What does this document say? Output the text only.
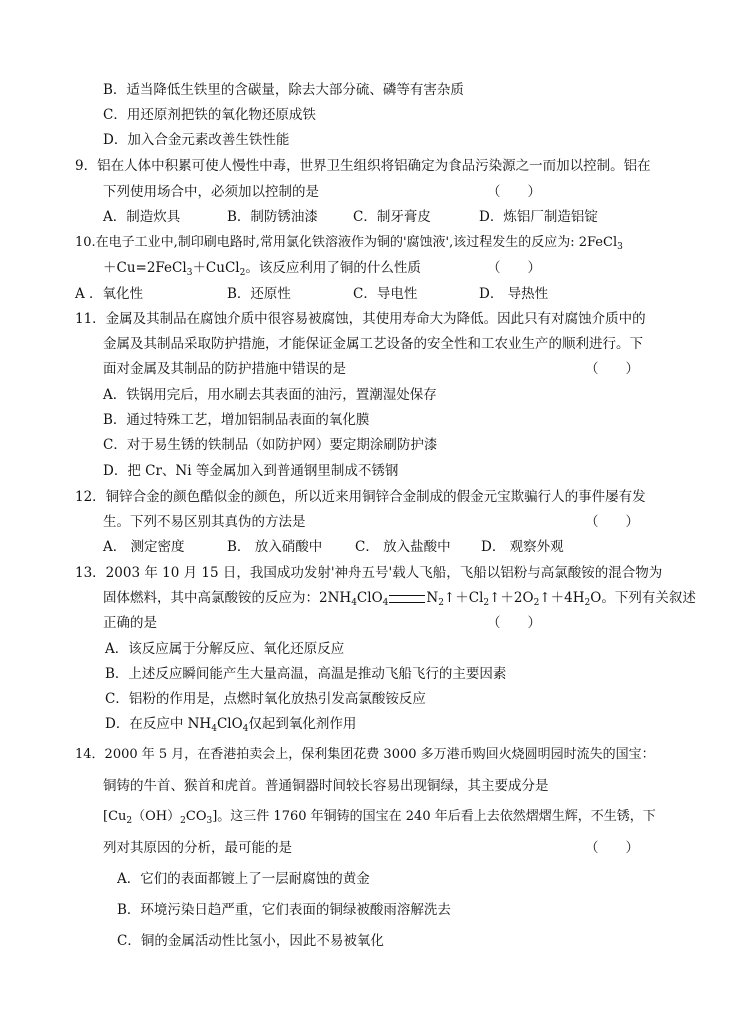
B．适当降低生铁里的含碳量，除去大部分硫、磷等有害杂质
C．用还原剂把铁的氧化物还原成铁
D．加入合金元素改善生铁性能
9．铝在人体中积累可使人慢性中毒，世界卫生组织将铝确定为食品污染源之一而加以控制。铝在
下列使用场合中，必须加以控制的是	（　　）
A．制造炊具	B．制防锈油漆	C．制牙膏皮	D．炼铝厂制造铝锭
10.在电子工业中,制印刷电路时,常用氯化铁溶液作为铜的'腐蚀液',该过程发生的反应为: 2FeCl$_3$
＋Cu=2FeCl$_3$＋CuCl$_2$。该反应利用了铜的什么性质	（　　）
A ．氧化性	B．还原性	C．导电性	D． 导热性
11．金属及其制品在腐蚀介质中很容易被腐蚀，其使用寿命大为降低。因此只有对腐蚀介质中的
金属及其制品采取防护措施，才能保证金属工艺设备的安全性和工农业生产的顺利进行。下
面对金属及其制品的防护措施中错误的是	（　　）
A．铁锅用完后，用水刷去其表面的油污，置潮湿处保存
B．通过特殊工艺，增加铝制品表面的氧化膜
C．对于易生锈的铁制品（如防护网）要定期涂刷防护漆
D．把 Cr、Ni 等金属加入到普通钢里制成不锈钢
12．铜锌合金的颜色酷似金的颜色，所以近来用铜锌合金制成的假金元宝欺骗行人的事件屡有发
生。下列不易区别其真伪的方法是	（　　）
A． 测定密度	B． 放入硝酸中 C． 放入盐酸中 D． 观察外观
13．2003 年 10 月 15 日，我国成功发射'神舟五号'载人飞船，飞船以铝粉与高氯酸铵的混合物为
固体燃料，其中高氯酸铵的反应为：$2NH_4ClO_4$	$N_2↑+Cl_2↑+2O_2↑+4H_2O$。下列有关叙述
正确的是	（　　）
A．该反应属于分解反应、氧化还原反应
B．上述反应瞬间能产生大量高温，高温是推动飞船飞行的主要因素
C．铝粉的作用是，点燃时氧化放热引发高氯酸铵反应
D．在反应中 $NH_4ClO_4$仅起到氧化剂作用
14．2000 年 5 月，在香港拍卖会上，保利集团花费 3000 多万港币购回火烧圆明园时流失的国宝：
铜铸的牛首、猴首和虎首。普通铜器时间较长容易出现铜绿，其主要成分是
$[Cu_2(OH)_2CO_3]$。这三件 1760 年铜铸的国宝在 240 年后看上去依然熠熠生辉，不生锈，下
列对其原因的分析，最可能的是	（　　）
A．它们的表面都镀上了一层耐腐蚀的黄金
B．环境污染日趋严重，它们表面的铜绿被酸雨溶解洗去
C．铜的金属活动性比氢小，因此不易被氧化
